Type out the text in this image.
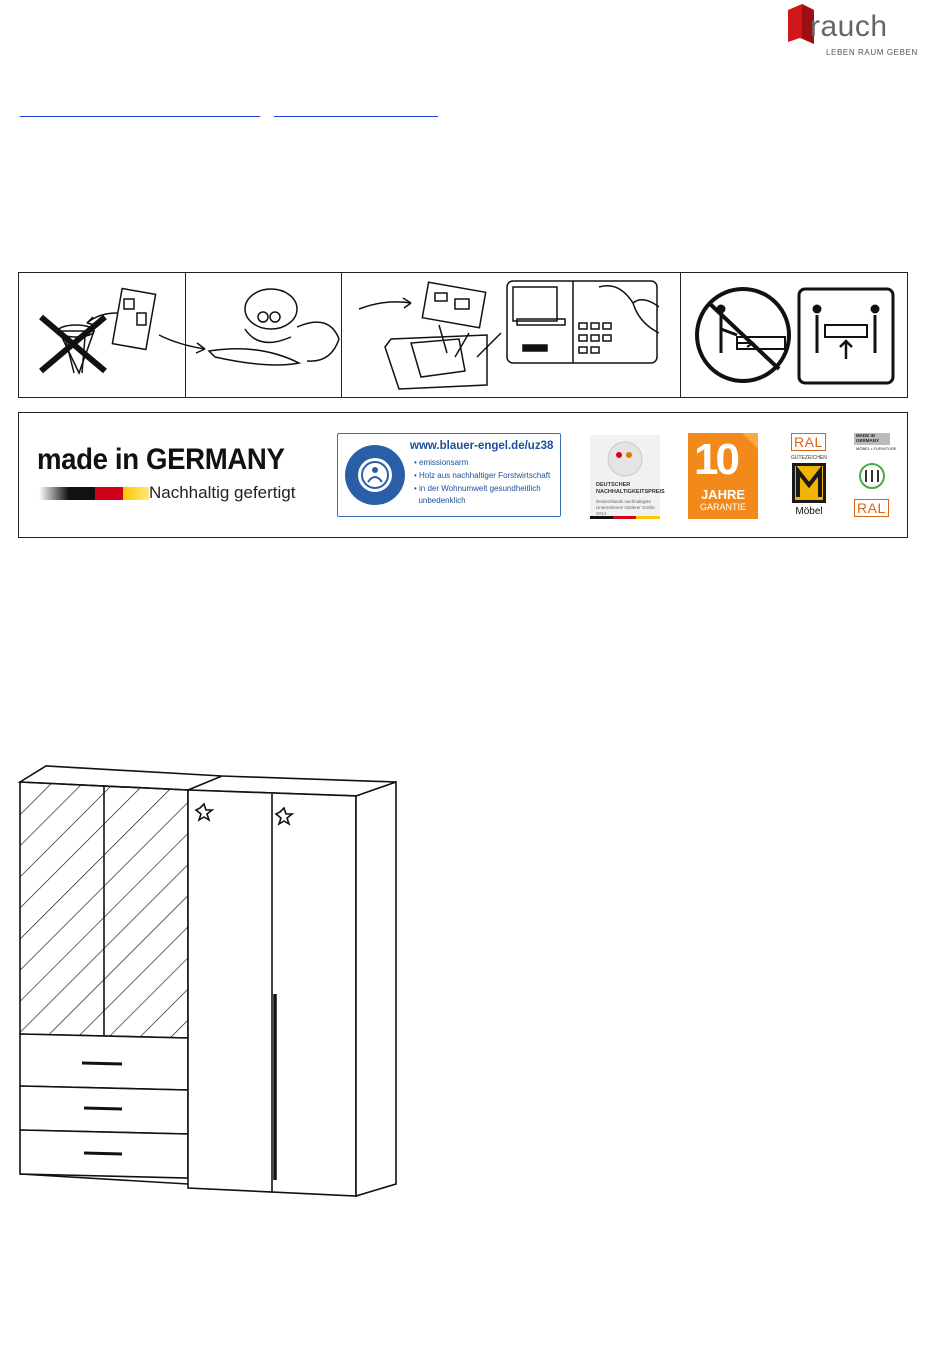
rauch
LEBEN RAUM GEBEN
made in GERMANY
Nachhaltig gefertigt
www.blauer-engel.de/uz38
• emissionsarm
• Holz aus nachhaltiger Forstwirtschaft
• in der Wohnumwelt gesundheitlich
unbedenklich
DEUTSCHER
NACHHALTIGKEITSPREIS
Deutschlands nachhaltigste Unternehmen mittlerer Größe 2014
10
JAHRE
GARANTIE
RAL
GÜTEZEICHEN
Möbel
MADE IN GERMANY
MÖBEL • FURNITURE
RAL
